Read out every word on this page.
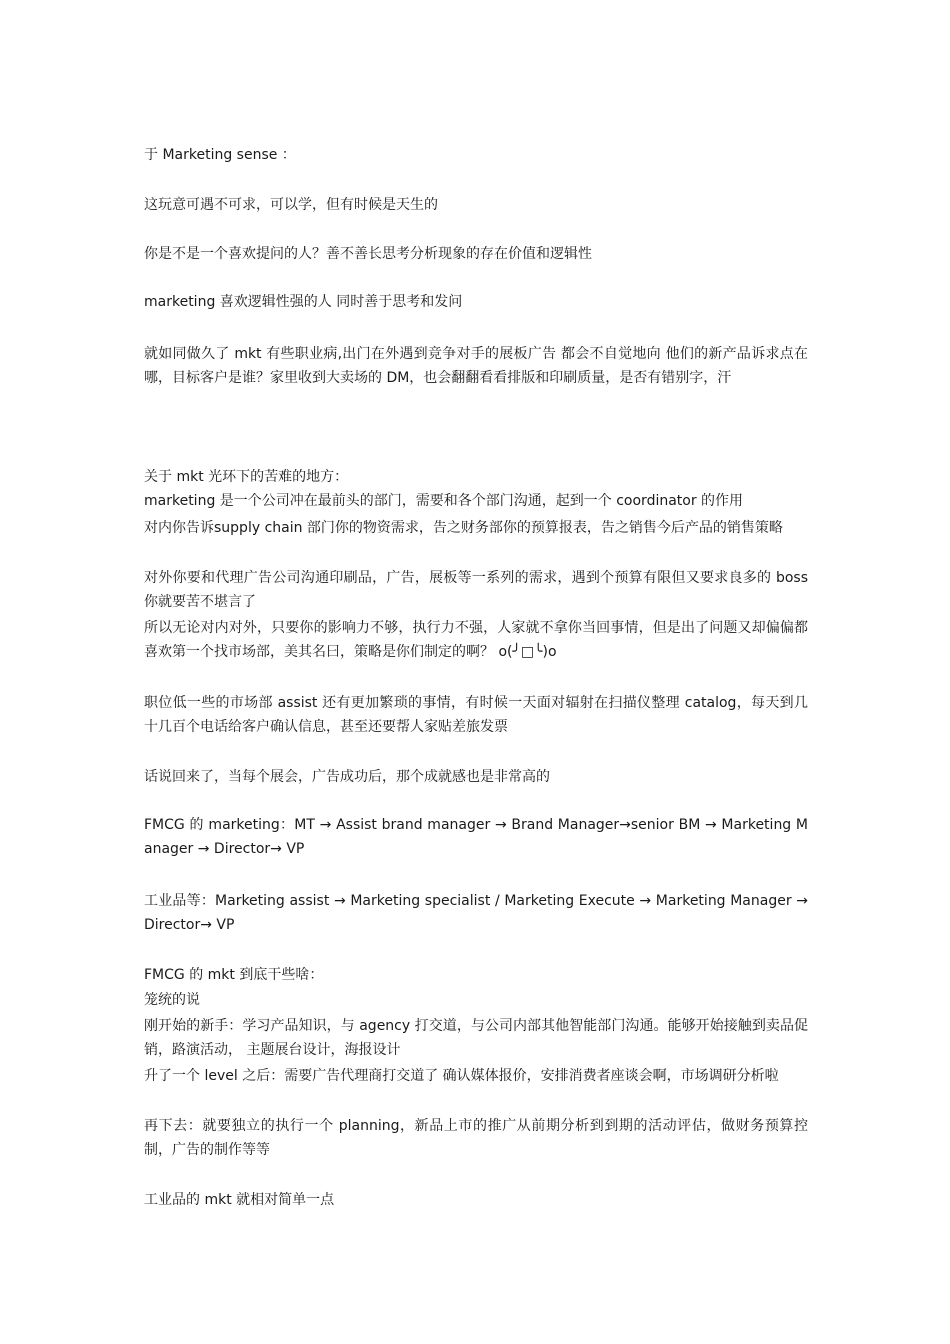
于 Marketing sense ：

这玩意可遇不可求，可以学，但有时候是天生的

你是不是一个喜欢提问的人？善不善长思考分析现象的存在价值和逻辑性

marketing 喜欢逻辑性强的人 同时善于思考和发问

就如同做久了 mkt 有些职业病,出门在外遇到竞争对手的展板广告 都会不自觉地向 他们的新产品诉求点在哪，目标客户是谁？家里收到大卖场的 DM，也会翻翻看看排版和印刷质量，是否有错别字，汗

关于 mkt 光环下的苦难的地方：

marketing 是一个公司冲在最前头的部门，需要和各个部门沟通，起到一个 coordinator 的作用

对内你告诉supply chain 部门你的物资需求，告之财务部你的预算报表，告之销售今后产品的销售策略

对外你要和代理广告公司沟通印刷品，广告，展板等一系列的需求，遇到个预算有限但又要求良多的 boss 你就要苦不堪言了

所以无论对内对外，只要你的影响力不够，执行力不强，人家就不拿你当回事情，但是出了问题又却偏偏都喜欢第一个找市场部，美其名曰，策略是你们制定的啊？ o(╯□╰)o

职位低一些的市场部 assist 还有更加繁琐的事情，有时候一天面对辐射在扫描仪整理 catalog，每天到几十几百个电话给客户确认信息，甚至还要帮人家贴差旅发票

话说回来了，当每个展会，广告成功后，那个成就感也是非常高的

FMCG 的 marketing：MT → Assist brand manager → Brand Manager→senior BM → Marketing Manager → Director→ VP

工业品等：Marketing assist → Marketing specialist / Marketing Execute → Marketing Manager → Director→ VP

FMCG 的 mkt 到底干些啥：

笼统的说

刚开始的新手：学习产品知识，与 agency 打交道，与公司内部其他智能部门沟通。能够开始接触到卖品促销，路演活动， 主题展台设计，海报设计

升了一个 level 之后：需要广告代理商打交道了 确认媒体报价，安排消费者座谈会啊，市场调研分析啦

再下去：就要独立的执行一个 planning，新品上市的推广从前期分析到到期的活动评估，做财务预算控制，广告的制作等等

工业品的 mkt 就相对简单一点
